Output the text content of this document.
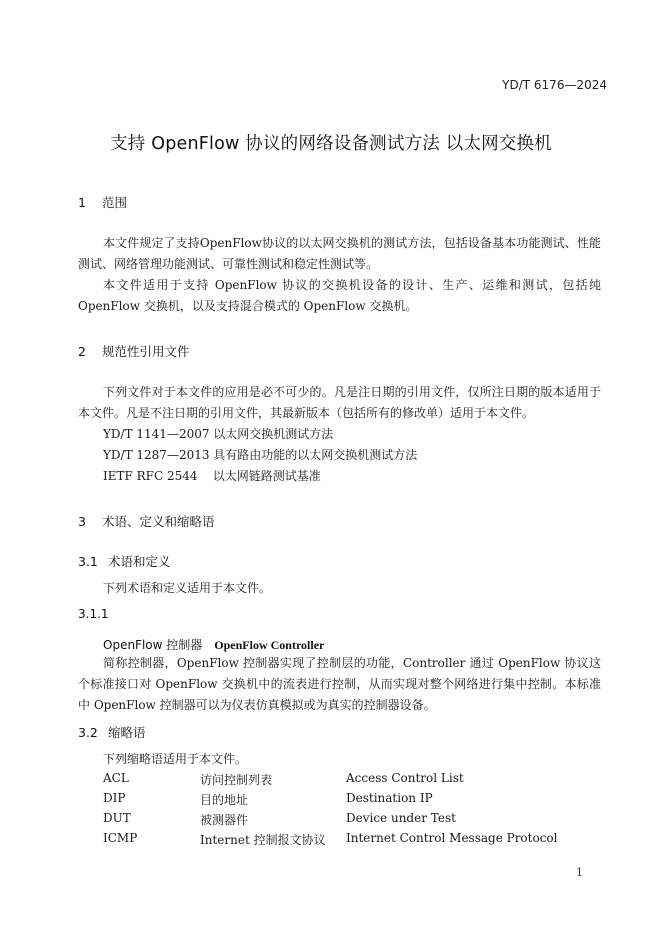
YD/T 6176—2024
支持 OpenFlow 协议的网络设备测试方法 以太网交换机
1 范围
本文件规定了支持OpenFlow协议的以太网交换机的测试方法，包括设备基本功能测试、性能测试、网络管理功能测试、可靠性测试和稳定性测试等。
本文件适用于支持 OpenFlow 协议的交换机设备的设计、生产、运维和测试，包括纯 OpenFlow 交换机，以及支持混合模式的 OpenFlow 交换机。
2 规范性引用文件
下列文件对于本文件的应用是必不可少的。凡是注日期的引用文件，仅所注日期的版本适用于本文件。凡是不注日期的引用文件，其最新版本（包括所有的修改单）适用于本文件。
YD/T 1141—2007 以太网交换机测试方法
YD/T 1287—2013 具有路由功能的以太网交换机测试方法
IETF RFC 2544    以太网链路测试基准
3 术语、定义和缩略语
3.1 术语和定义
下列术语和定义适用于本文件。
3.1.1
OpenFlow 控制器 OpenFlow Controller
简称控制器，OpenFlow 控制器实现了控制层的功能，Controller 通过 OpenFlow 协议这个标准接口对 OpenFlow 交换机中的流表进行控制，从而实现对整个网络进行集中控制。本标准中 OpenFlow 控制器可以为仪表仿真模拟或为真实的控制器设备。
3.2 缩略语
下列缩略语适用于本文件。
ACL	访问控制列表	Access Control List
DIP	目的地址	Destination IP
DUT	被测器件	Device under Test
ICMP	Internet 控制报文协议 Internet Control Message Protocol
1
